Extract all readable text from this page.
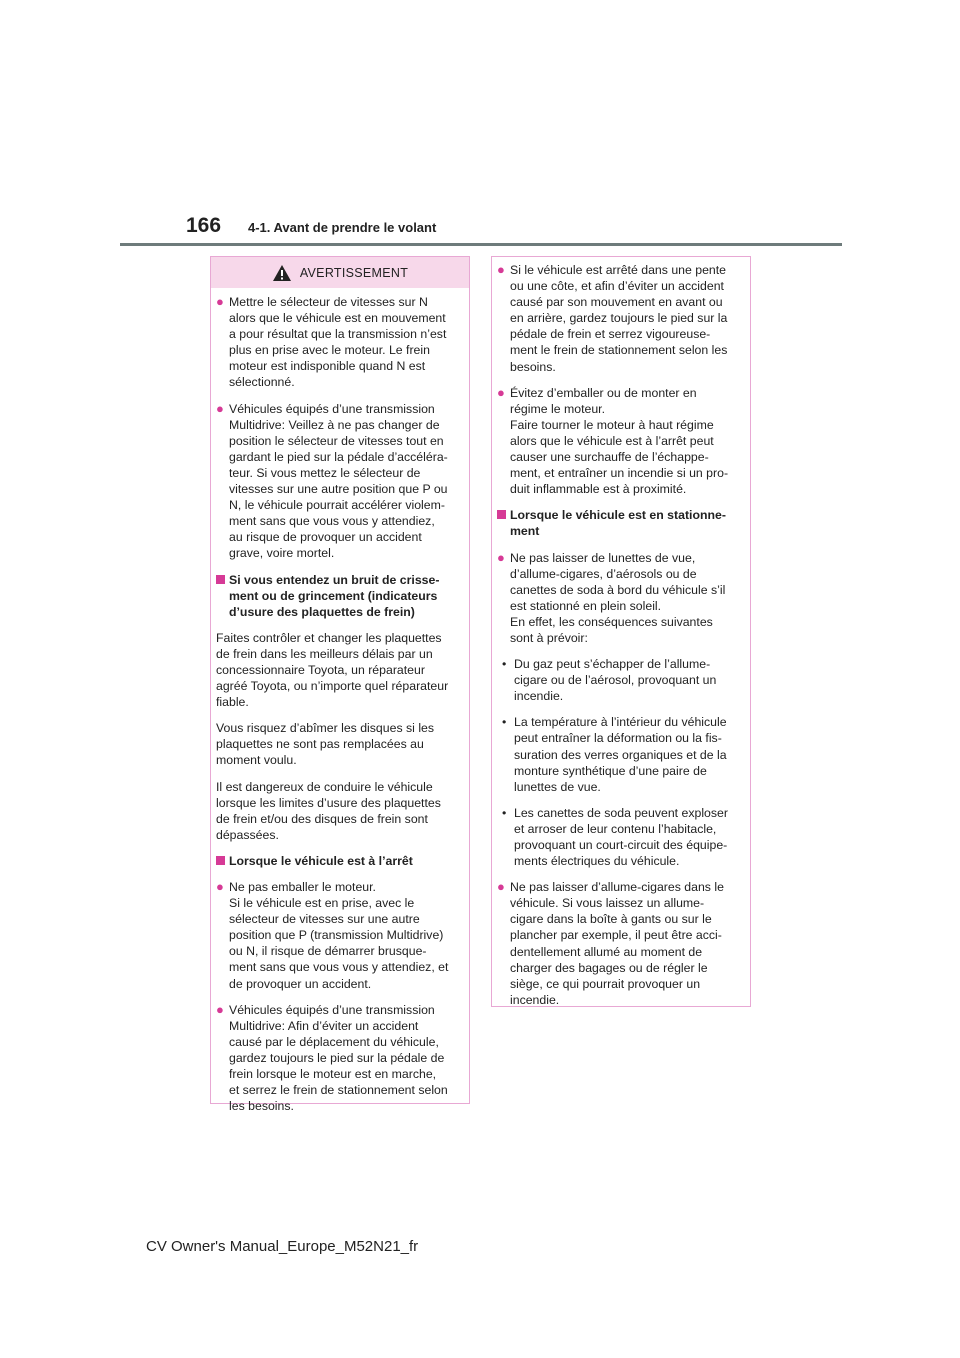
166 4-1. Avant de prendre le volant
AVERTISSEMENT
● Mettre le sélecteur de vitesses sur N
alors que le véhicule est en mouvement
a pour résultat que la transmission n’est
plus en prise avec le moteur. Le frein
moteur est indisponible quand N est
sélectionné.
● Véhicules équipés d’une transmission
Multidrive: Veillez à ne pas changer de
position le sélecteur de vitesses tout en
gardant le pied sur la pédale d’accéléra-
teur. Si vous mettez le sélecteur de
vitesses sur une autre position que P ou
N, le véhicule pourrait accélérer violem-
ment sans que vous vous y attendiez,
au risque de provoquer un accident
grave, voire mortel.
Si vous entendez un bruit de crisse-
ment ou de grincement (indicateurs
d’usure des plaquettes de frein)
Faites contrôler et changer les plaquettes
de frein dans les meilleurs délais par un
concessionnaire Toyota, un réparateur
agréé Toyota, ou n’importe quel réparateur
fiable.
Vous risquez d’abîmer les disques si les
plaquettes ne sont pas remplacées au
moment voulu.
Il est dangereux de conduire le véhicule
lorsque les limites d’usure des plaquettes
de frein et/ou des disques de frein sont
dépassées.
Lorsque le véhicule est à l’arrêt
● Ne pas emballer le moteur.
Si le véhicule est en prise, avec le
sélecteur de vitesses sur une autre
position que P (transmission Multidrive)
ou N, il risque de démarrer brusque-
ment sans que vous vous y attendiez, et
de provoquer un accident.
● Véhicules équipés d’une transmission
Multidrive: Afin d’éviter un accident
causé par le déplacement du véhicule,
gardez toujours le pied sur la pédale de
frein lorsque le moteur est en marche,
et serrez le frein de stationnement selon
les besoins.
● Si le véhicule est arrêté dans une pente
ou une côte, et afin d’éviter un accident
causé par son mouvement en avant ou
en arrière, gardez toujours le pied sur la
pédale de frein et serrez vigoureuse-
ment le frein de stationnement selon les
besoins.
● Évitez d’emballer ou de monter en
régime le moteur.
Faire tourner le moteur à haut régime
alors que le véhicule est à l’arrêt peut
causer une surchauffe de l’échappe-
ment, et entraîner un incendie si un pro-
duit inflammable est à proximité.
Lorsque le véhicule est en stationne-
ment
● Ne pas laisser de lunettes de vue,
d’allume-cigares, d’aérosols ou de
canettes de soda à bord du véhicule s’il
est stationné en plein soleil.
En effet, les conséquences suivantes
sont à prévoir:
• Du gaz peut s’échapper de l’allume-
cigare ou de l’aérosol, provoquant un
incendie.
• La température à l’intérieur du véhicule
peut entraîner la déformation ou la fis-
suration des verres organiques et de la
monture synthétique d’une paire de
lunettes de vue.
• Les canettes de soda peuvent exploser
et arroser de leur contenu l’habitacle,
provoquant un court-circuit des équipe-
ments électriques du véhicule.
● Ne pas laisser d’allume-cigares dans le
véhicule. Si vous laissez un allume-
cigare dans la boîte à gants ou sur le
plancher par exemple, il peut être acci-
dentellement allumé au moment de
charger des bagages ou de régler le
siège, ce qui pourrait provoquer un
incendie.
CV Owner's Manual_Europe_M52N21_fr
